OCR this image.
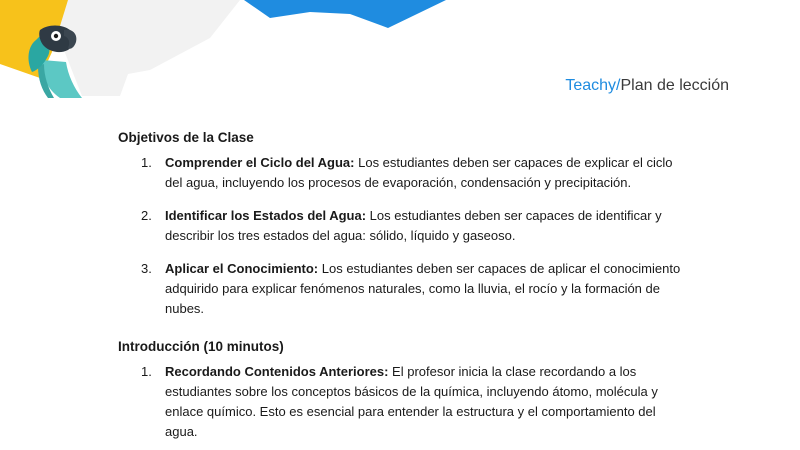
Teachy/Plan de lección
Objetivos de la Clase
1. Comprender el Ciclo del Agua: Los estudiantes deben ser capaces de explicar el ciclo del agua, incluyendo los procesos de evaporación, condensación y precipitación.
2. Identificar los Estados del Agua: Los estudiantes deben ser capaces de identificar y describir los tres estados del agua: sólido, líquido y gaseoso.
3. Aplicar el Conocimiento: Los estudiantes deben ser capaces de aplicar el conocimiento adquirido para explicar fenómenos naturales, como la lluvia, el rocío y la formación de nubes.
Introducción (10 minutos)
1. Recordando Contenidos Anteriores: El profesor inicia la clase recordando a los estudiantes sobre los conceptos básicos de la química, incluyendo átomo, molécula y enlace químico. Esto es esencial para entender la estructura y el comportamiento del agua.
